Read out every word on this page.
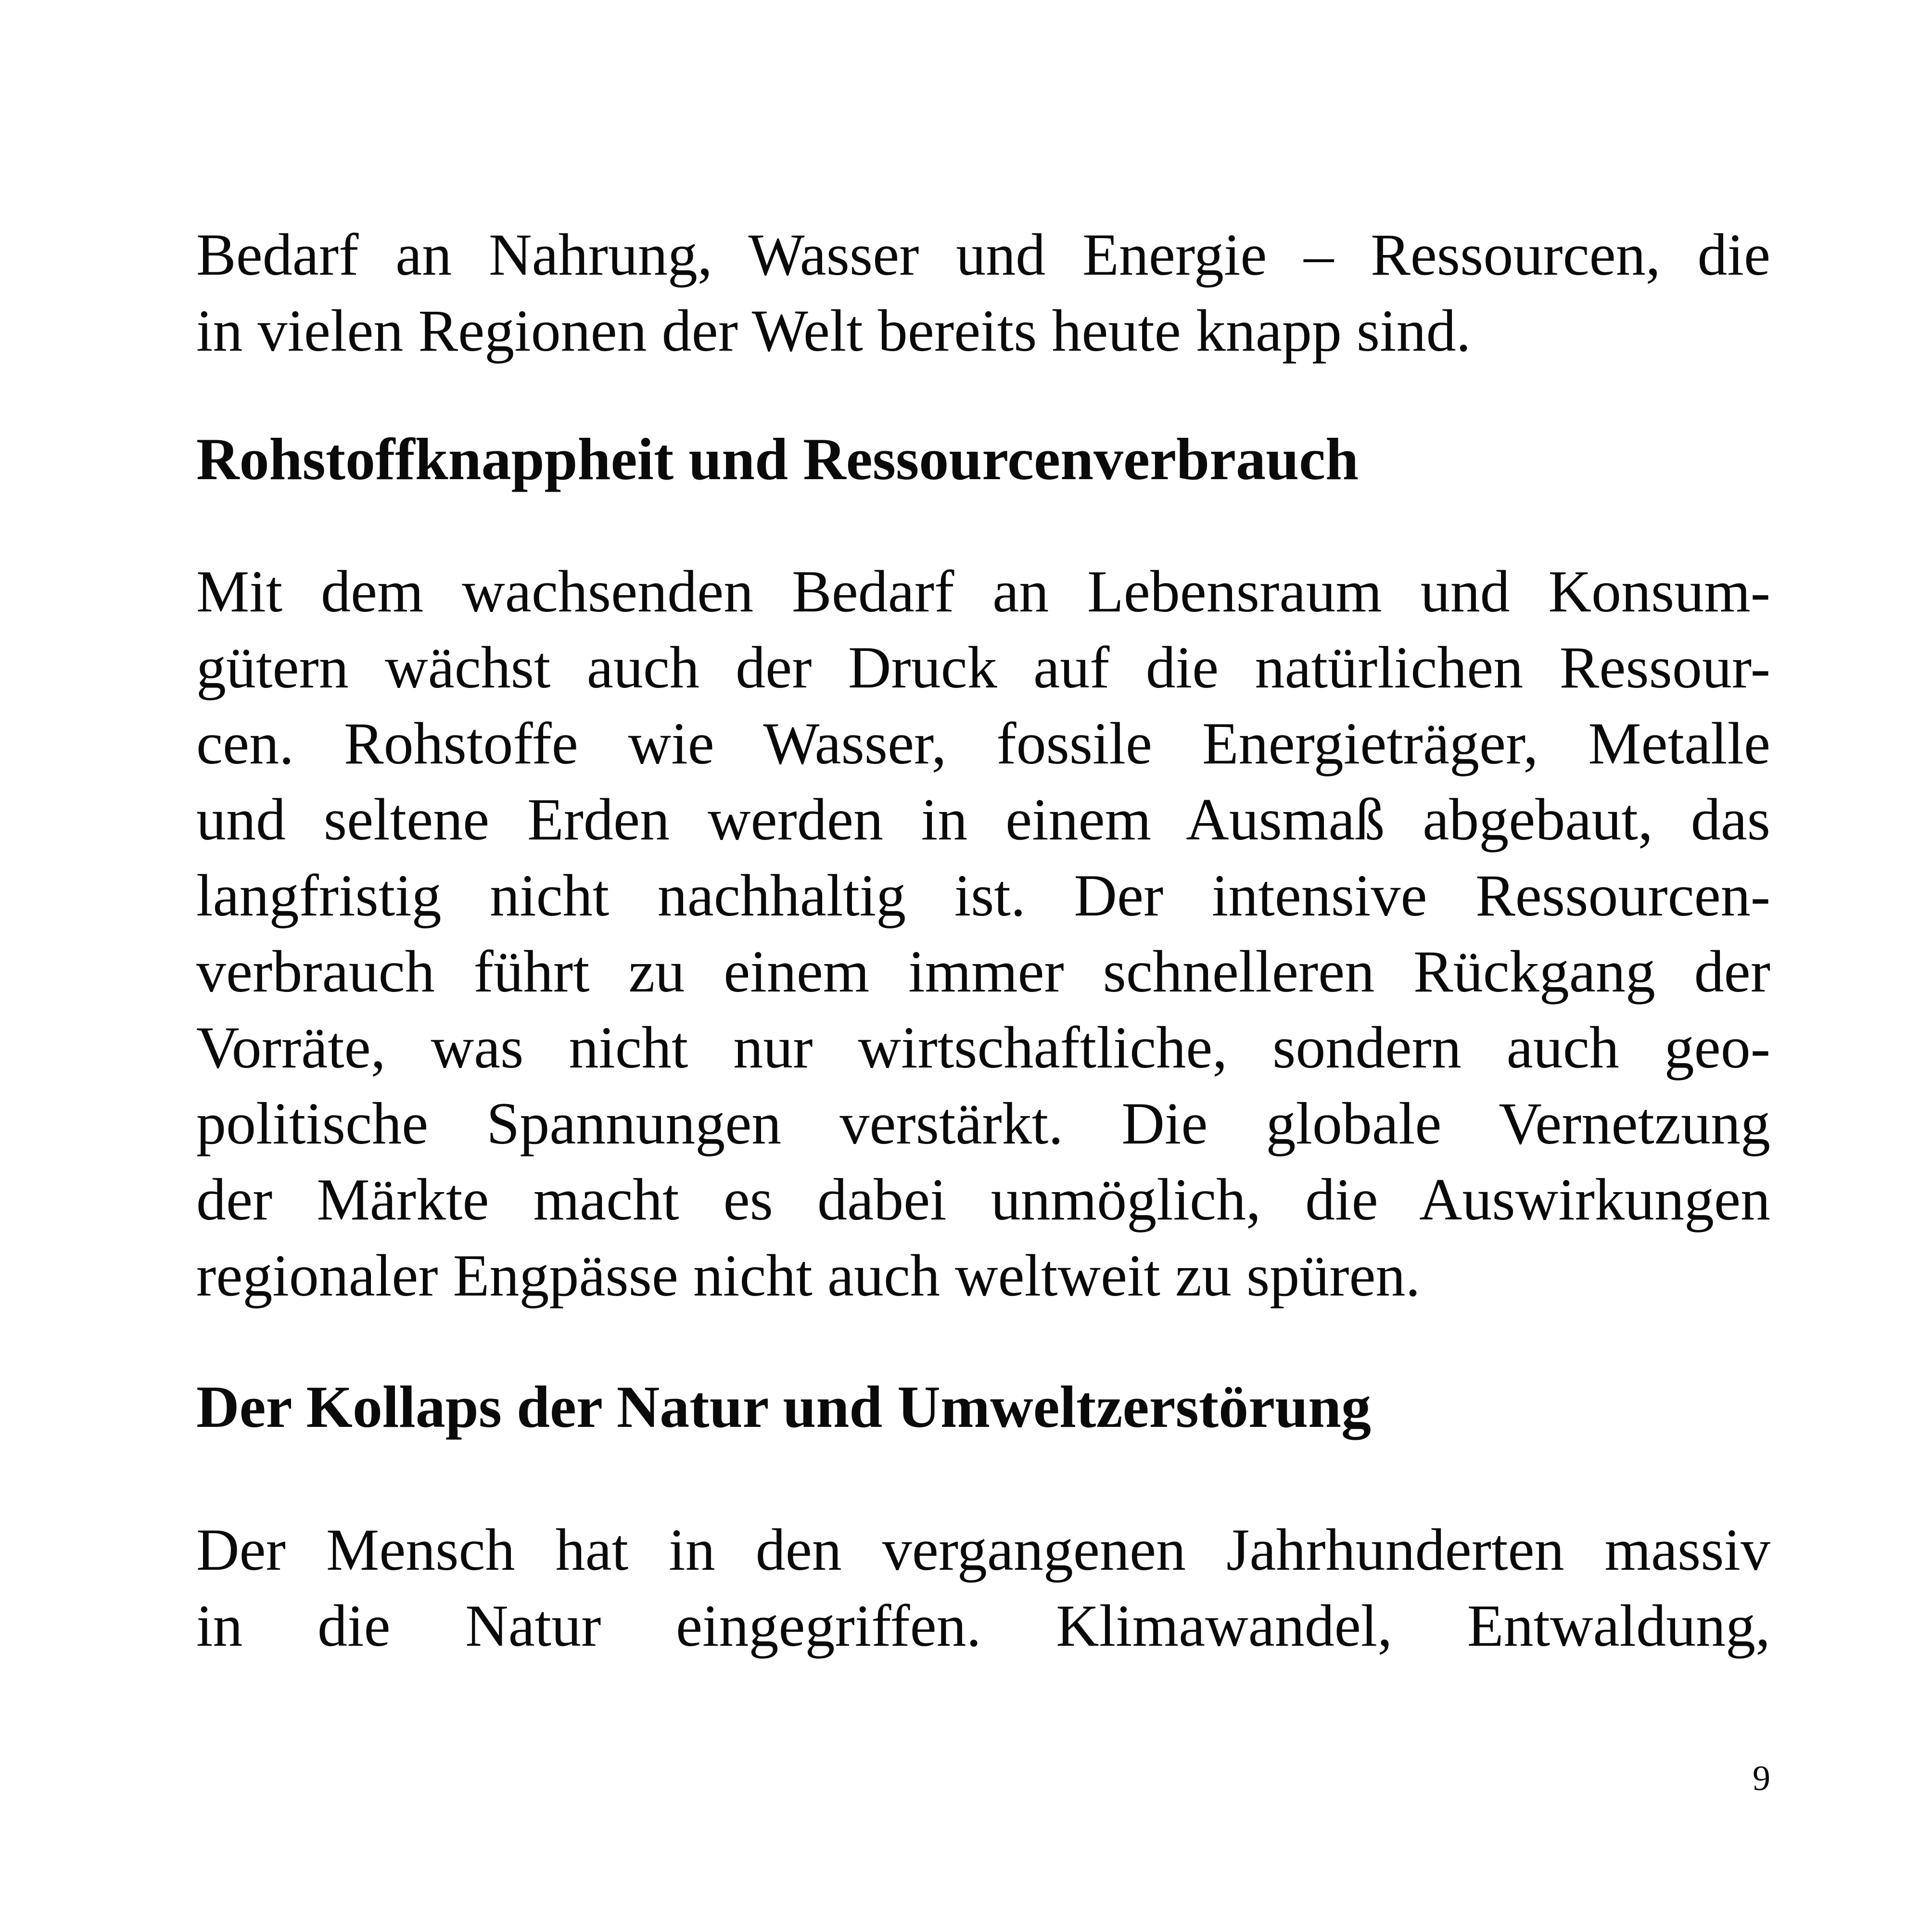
Bedarf an Nahrung, Wasser und Energie – Ressourcen, die
in vielen Regionen der Welt bereits heute knapp sind.
Rohstoffknappheit und Ressourcenverbrauch
Mit dem wachsenden Bedarf an Lebensraum und Konsum-
gütern wächst auch der Druck auf die natürlichen Ressour-
cen. Rohstoffe wie Wasser, fossile Energieträger, Metalle
und seltene Erden werden in einem Ausmaß abgebaut, das
langfristig nicht nachhaltig ist. Der intensive Ressourcen-
verbrauch führt zu einem immer schnelleren Rückgang der
Vorräte, was nicht nur wirtschaftliche, sondern auch geo-
politische Spannungen verstärkt. Die globale Vernetzung
der Märkte macht es dabei unmöglich, die Auswirkungen
regionaler Engpässe nicht auch weltweit zu spüren.
Der Kollaps der Natur und Umweltzerstörung
Der Mensch hat in den vergangenen Jahrhunderten massiv
in die Natur eingegriffen. Klimawandel, Entwaldung,
9
